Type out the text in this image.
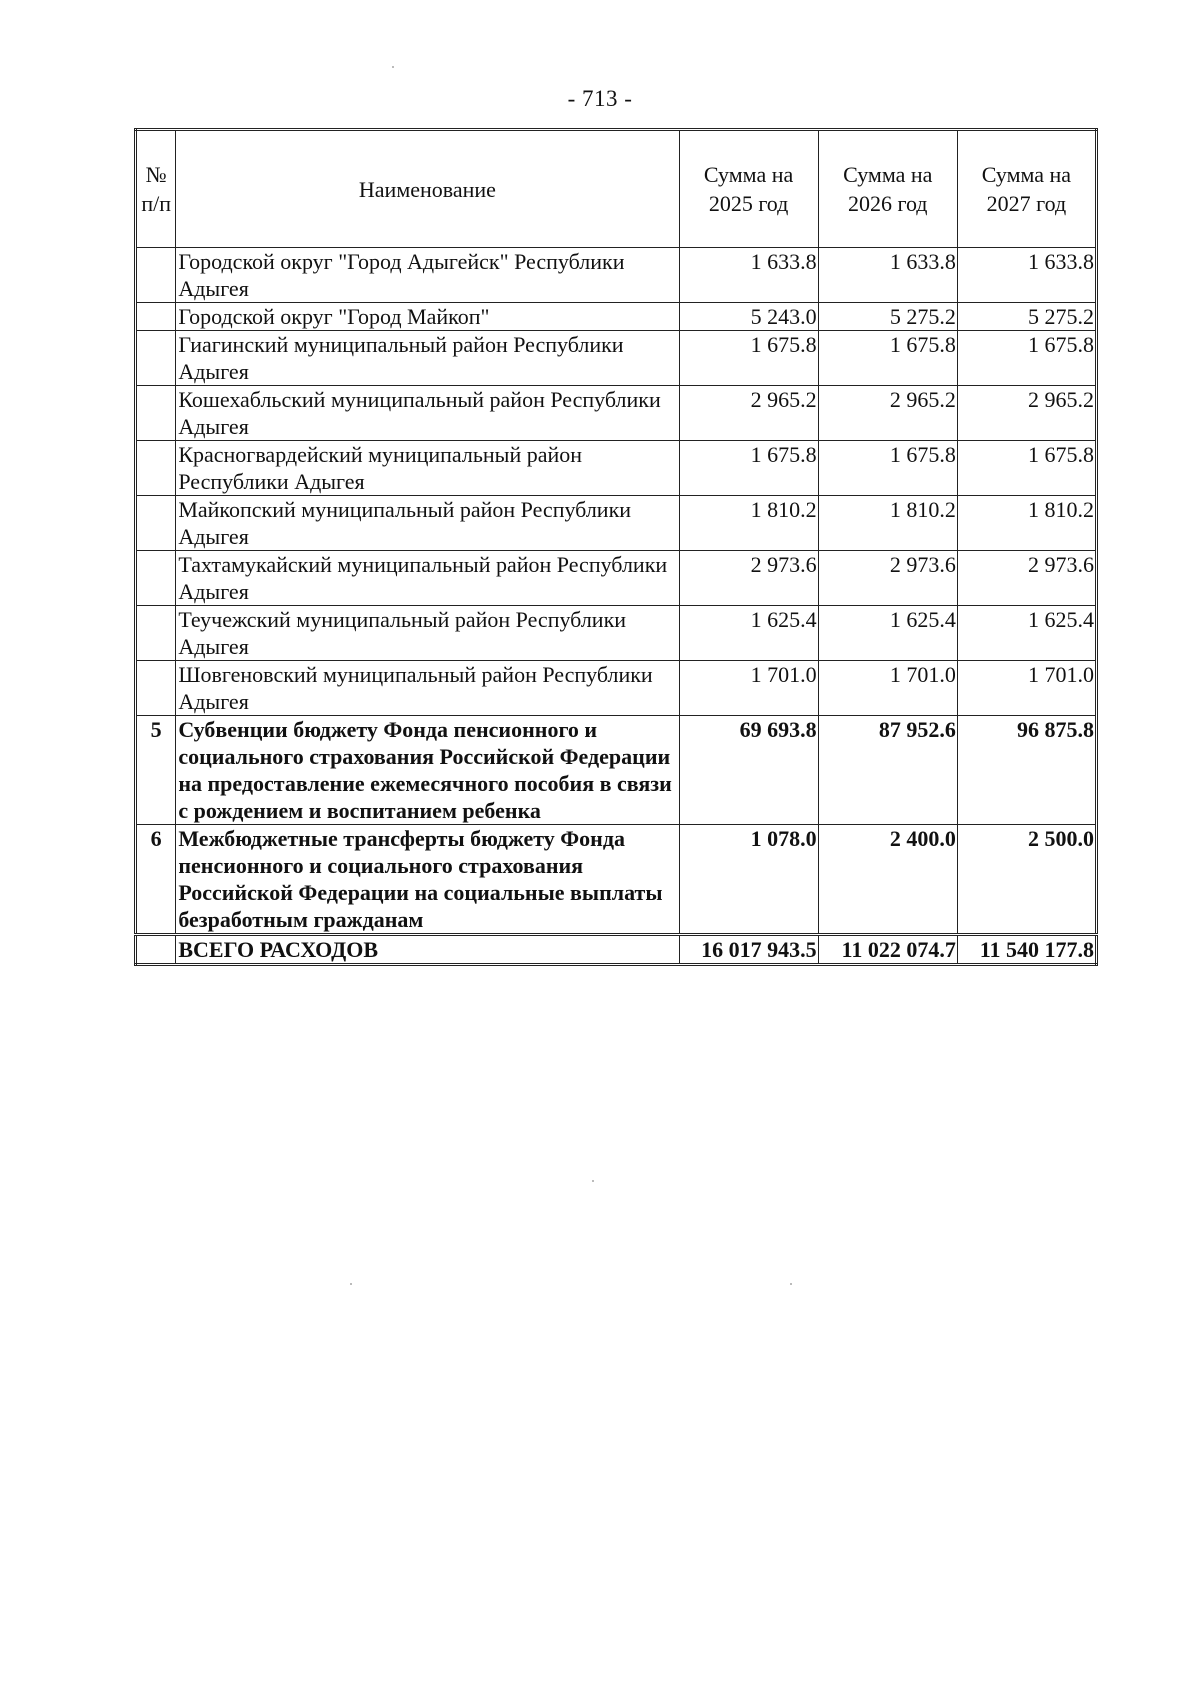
- 713 -
№ п/п	Наименование	Сумма на 2025 год	Сумма на 2026 год	Сумма на 2027 год
	Городской округ "Город Адыгейск" Республики Адыгея	1 633.8	1 633.8	1 633.8
	Городской округ "Город Майкоп"	5 243.0	5 275.2	5 275.2
	Гиагинский муниципальный район Республики Адыгея	1 675.8	1 675.8	1 675.8
	Кошехабльский муниципальный район Республики Адыгея	2 965.2	2 965.2	2 965.2
	Красногвардейский муниципальный район Республики Адыгея	1 675.8	1 675.8	1 675.8
	Майкопский муниципальный район Республики Адыгея	1 810.2	1 810.2	1 810.2
	Тахтамукайский муниципальный район Республики Адыгея	2 973.6	2 973.6	2 973.6
	Теучежский муниципальный район Республики Адыгея	1 625.4	1 625.4	1 625.4
	Шовгеновский муниципальный район Республики Адыгея	1 701.0	1 701.0	1 701.0
5	Субвенции бюджету Фонда пенсионного и социального страхования Российской Федерации на предоставление ежемесячного пособия в связи с рождением и воспитанием ребенка	69 693.8	87 952.6	96 875.8
6	Межбюджетные трансферты бюджету Фонда пенсионного и социального страхования Российской Федерации на социальные выплаты безработным гражданам	1 078.0	2 400.0	2 500.0
	ВСЕГО РАСХОДОВ	16 017 943.5	11 022 074.7	11 540 177.8
